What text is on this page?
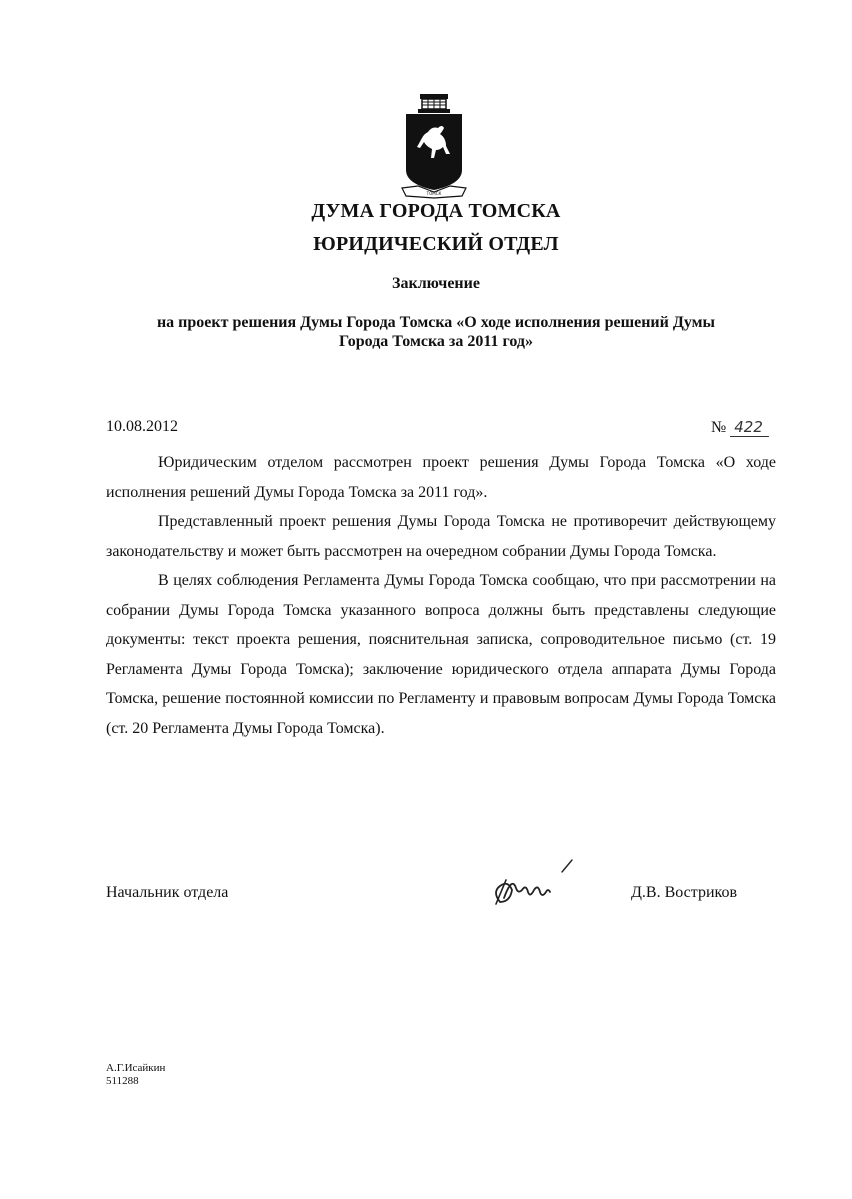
ТОМСК
ДУМА ГОРОДА ТОМСКА
ЮРИДИЧЕСКИЙ ОТДЕЛ
Заключение
на проект решения Думы Города Томска «О ходе исполнения решений Думы
Города Томска за 2011 год»
10.08.2012	№ 422

Юридическим отделом рассмотрен проект решения Думы Города Томска «О ходе исполнения решений Думы Города Томска за 2011 год».

Представленный проект решения Думы Города Томска не противоречит действующему законодательству и может быть рассмотрен на очередном собрании Думы Города Томска.

В целях соблюдения Регламента Думы Города Томска сообщаю, что при рассмотрении на собрании Думы Города Томска указанного вопроса должны быть представлены следующие документы: текст проекта решения, пояснительная записка, сопроводительное письмо (ст. 19 Регламента Думы Города Томска); заключение юридического отдела аппарата Думы Города Томска, решение постоянной комиссии по Регламенту и правовым вопросам Думы Города Томска (ст. 20 Регламента Думы Города Томска).

Начальник отдела	Д.В. Востриков
А.Г.Исайкин
511288
